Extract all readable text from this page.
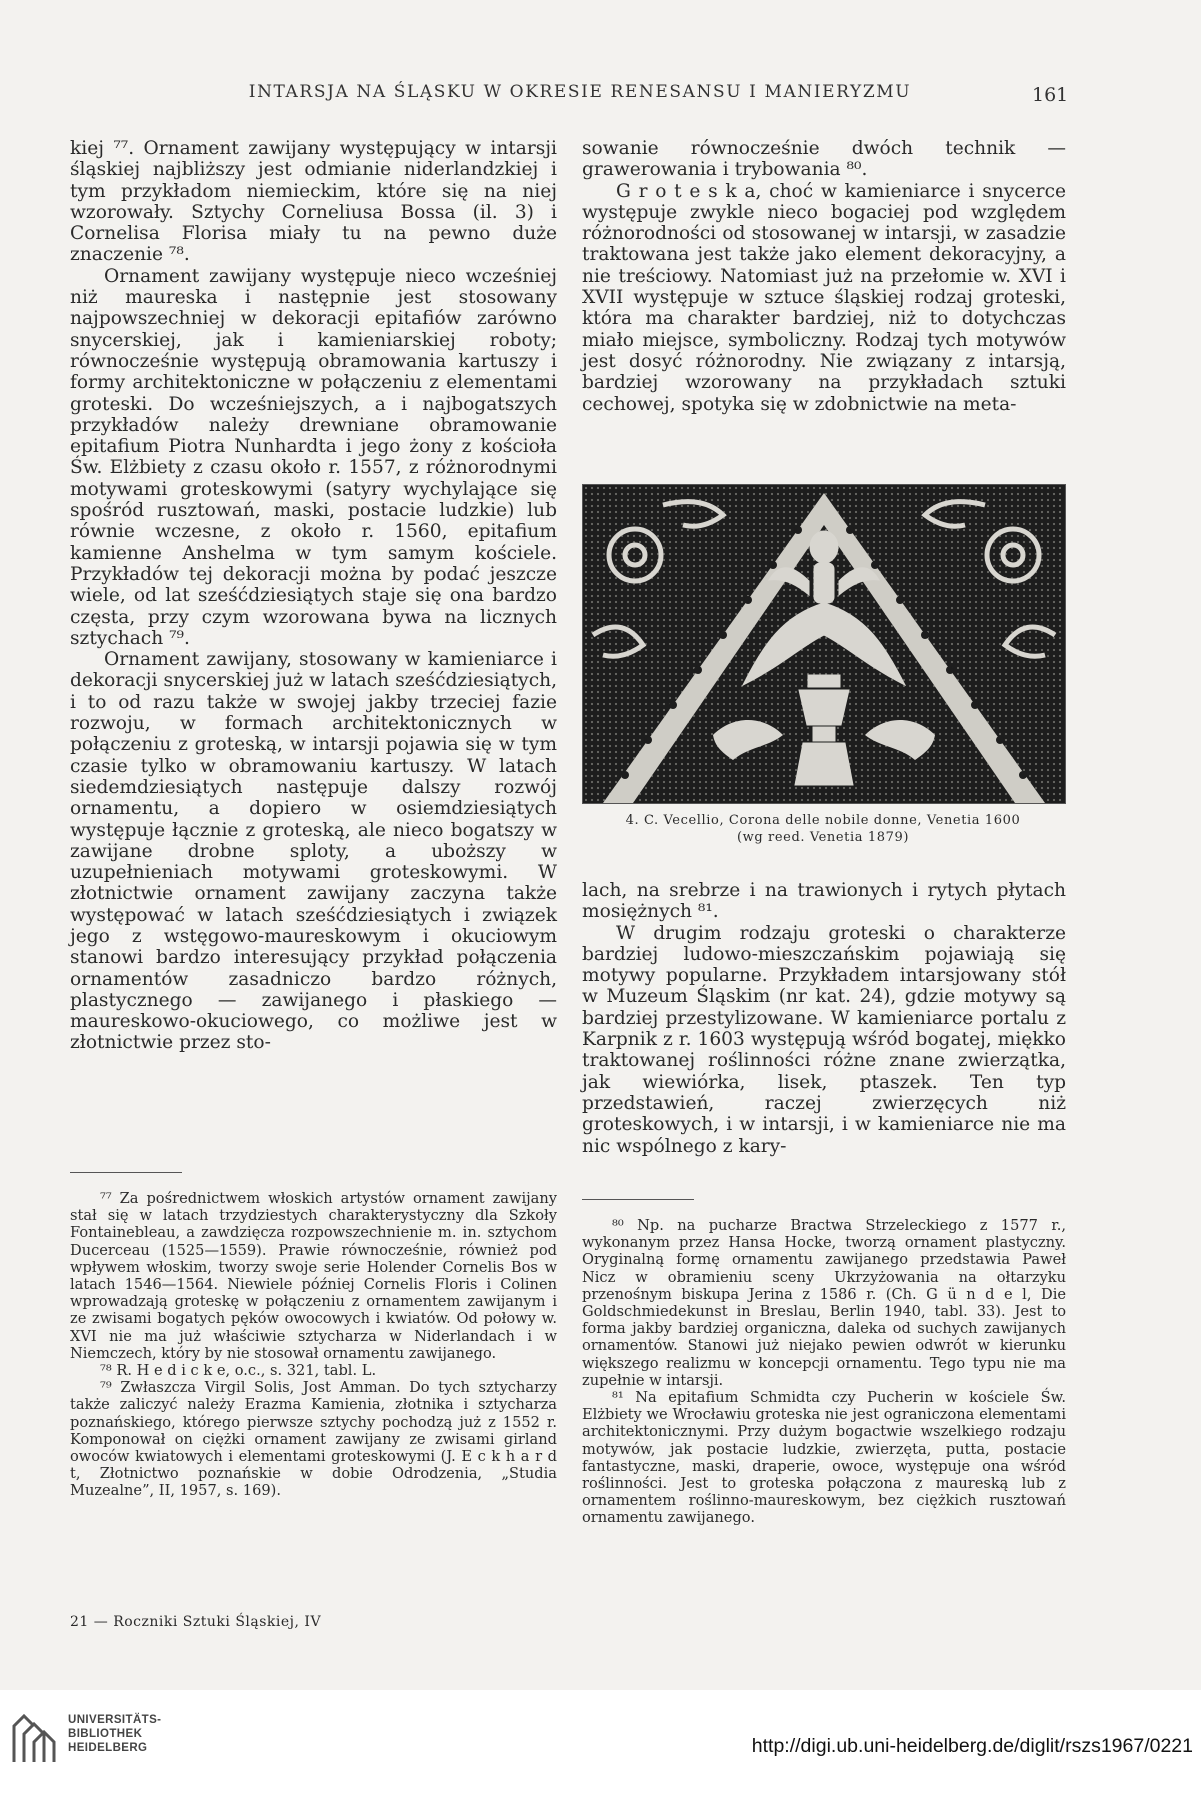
INTARSJA NA ŚLĄSKU W OKRESIE RENESANSU I MANIERYZMU	161

kiej ⁷⁷. Ornament zawijany występujący w intarsji śląskiej najbliższy jest odmianie niderlandzkiej i tym przykładom niemieckim, które się na niej wzorowały. Sztychy Corneliusa Bossa (il. 3) i Cornelisa Florisa miały tu na pewno duże znaczenie ⁷⁸.

Ornament zawijany występuje nieco wcześniej niż maureska i następnie jest stosowany najpowszechniej w dekoracji epitafiów zarówno snycerskiej, jak i kamieniarskiej roboty; równocześnie występują obramowania kartuszy i formy architektoniczne w połączeniu z elementami groteski. Do wcześniejszych, a i najbogatszych przykładów należy drewniane obramowanie epitafium Piotra Nunhardta i jego żony z kościoła Św. Elżbiety z czasu około r. 1557, z różnorodnymi motywami groteskowymi (satyry wychylające się spośród rusztowań, maski, postacie ludzkie) lub równie wczesne, z około r. 1560, epitafium kamienne Anshelma w tym samym kościele. Przykładów tej dekoracji można by podać jeszcze wiele, od lat sześćdziesiątych staje się ona bardzo częsta, przy czym wzorowana bywa na licznych sztychach ⁷⁹.

Ornament zawijany, stosowany w kamieniarce i dekoracji snycerskiej już w latach sześćdziesiątych, i to od razu także w swojej jakby trzeciej fazie rozwoju, w formach architektonicznych w połączeniu z groteską, w intarsji pojawia się w tym czasie tylko w obramowaniu kartuszy. W latach siedemdziesiątych następuje dalszy rozwój ornamentu, a dopiero w osiemdziesiątych występuje łącznie z groteską, ale nieco bogatszy w zawijane drobne sploty, a uboższy w uzupełnieniach motywami groteskowymi. W złotnictwie ornament zawijany zaczyna także występować w latach sześćdziesiątych i związek jego z wstęgowo-maureskowym i okuciowym stanowi bardzo interesujący przykład połączenia ornamentów zasadniczo bardzo różnych, plastycznego — zawijanego i płaskiego — maureskowo-okuciowego, co możliwe jest w złotnictwie przez sto-

sowanie równocześnie dwóch technik — grawerowania i trybowania ⁸⁰.

G r o t e s k a, choć w kamieniarce i snycerce występuje zwykle nieco bogaciej pod względem różnorodności od stosowanej w intarsji, w zasadzie traktowana jest także jako element dekoracyjny, a nie treściowy. Natomiast już na przełomie w. XVI i XVII występuje w sztuce śląskiej rodzaj groteski, która ma charakter bardziej, niż to dotychczas miało miejsce, symboliczny. Rodzaj tych motywów jest dosyć różnorodny. Nie związany z intarsją, bardziej wzorowany na przykładach sztuki cechowej, spotyka się w zdobnictwie na meta-

4. C. Vecellio, Corona delle nobile donne, Venetia 1600
(wg reed. Venetia 1879)

lach, na srebrze i na trawionych i rytych płytach mosiężnych ⁸¹.

W drugim rodzaju groteski o charakterze bardziej ludowo-mieszczańskim pojawiają się motywy popularne. Przykładem intarsjowany stół w Muzeum Śląskim (nr kat. 24), gdzie motywy są bardziej przestylizowane. W kamieniarce portalu z Karpnik z r. 1603 występują wśród bogatej, miękko traktowanej roślinności różne znane zwierzątka, jak wiewiórka, lisek, ptaszek. Ten typ przedstawień, raczej zwierzęcych niż groteskowych, i w intarsji, i w kamieniarce nie ma nic wspólnego z kary-

⁷⁷ Za pośrednictwem włoskich artystów ornament zawijany stał się w latach trzydziestych charakterystyczny dla Szkoły Fontainebleau, a zawdzięcza rozpowszechnienie m. in. sztychom Ducerceau (1525—1559). Prawie równocześnie, również pod wpływem włoskim, tworzy swoje serie Holender Cornelis Bos w latach 1546—1564. Niewiele później Cornelis Floris i Colinen wprowadzają groteskę w połączeniu z ornamentem zawijanym i ze zwisami bogatych pęków owocowych i kwiatów. Od połowy w. XVI nie ma już właściwie sztycharza w Niderlandach i w Niemczech, który by nie stosował ornamentu zawijanego.

⁷⁸ R. H e d i c k e, o.c., s. 321, tabl. L.

⁷⁹ Zwłaszcza Virgil Solis, Jost Amman. Do tych sztycharzy także zaliczyć należy Erazma Kamienia, złotnika i sztycharza poznańskiego, którego pierwsze sztychy pochodzą już z 1552 r. Komponował on ciężki ornament zawijany ze zwisami girland owoców kwiatowych i elementami groteskowymi (J. E c k h a r d t, Złotnictwo poznańskie w dobie Odrodzenia, „Studia Muzealne”, II, 1957, s. 169).

⁸⁰ Np. na pucharze Bractwa Strzeleckiego z 1577 r., wykonanym przez Hansa Hocke, tworzą ornament plastyczny. Oryginalną formę ornamentu zawijanego przedstawia Paweł Nicz w obramieniu sceny Ukrzyżowania na ołtarzyku przenośnym biskupa Jerina z 1586 r. (Ch. G ü n d e l, Die Goldschmiedekunst in Breslau, Berlin 1940, tabl. 33). Jest to forma jakby bardziej organiczna, daleka od suchych zawijanych ornamentów. Stanowi już niejako pewien odwrót w kierunku większego realizmu w koncepcji ornamentu. Tego typu nie ma zupełnie w intarsji.

⁸¹ Na epitafium Schmidta czy Pucherin w kościele Św. Elżbiety we Wrocławiu groteska nie jest ograniczona elementami architektonicznymi. Przy dużym bogactwie wszelkiego rodzaju motywów, jak postacie ludzkie, zwierzęta, putta, postacie fantastyczne, maski, draperie, owoce, występuje ona wśród roślinności. Jest to groteska połączona z maureską lub z ornamentem roślinno-maureskowym, bez ciężkich rusztowań ornamentu zawijanego.

21 — Roczniki Sztuki Śląskiej, IV
UNIVERSITÄTS-
BIBLIOTHEK
HEIDELBERG	http://digi.ub.uni-heidelberg.de/diglit/rszs1967/0221
